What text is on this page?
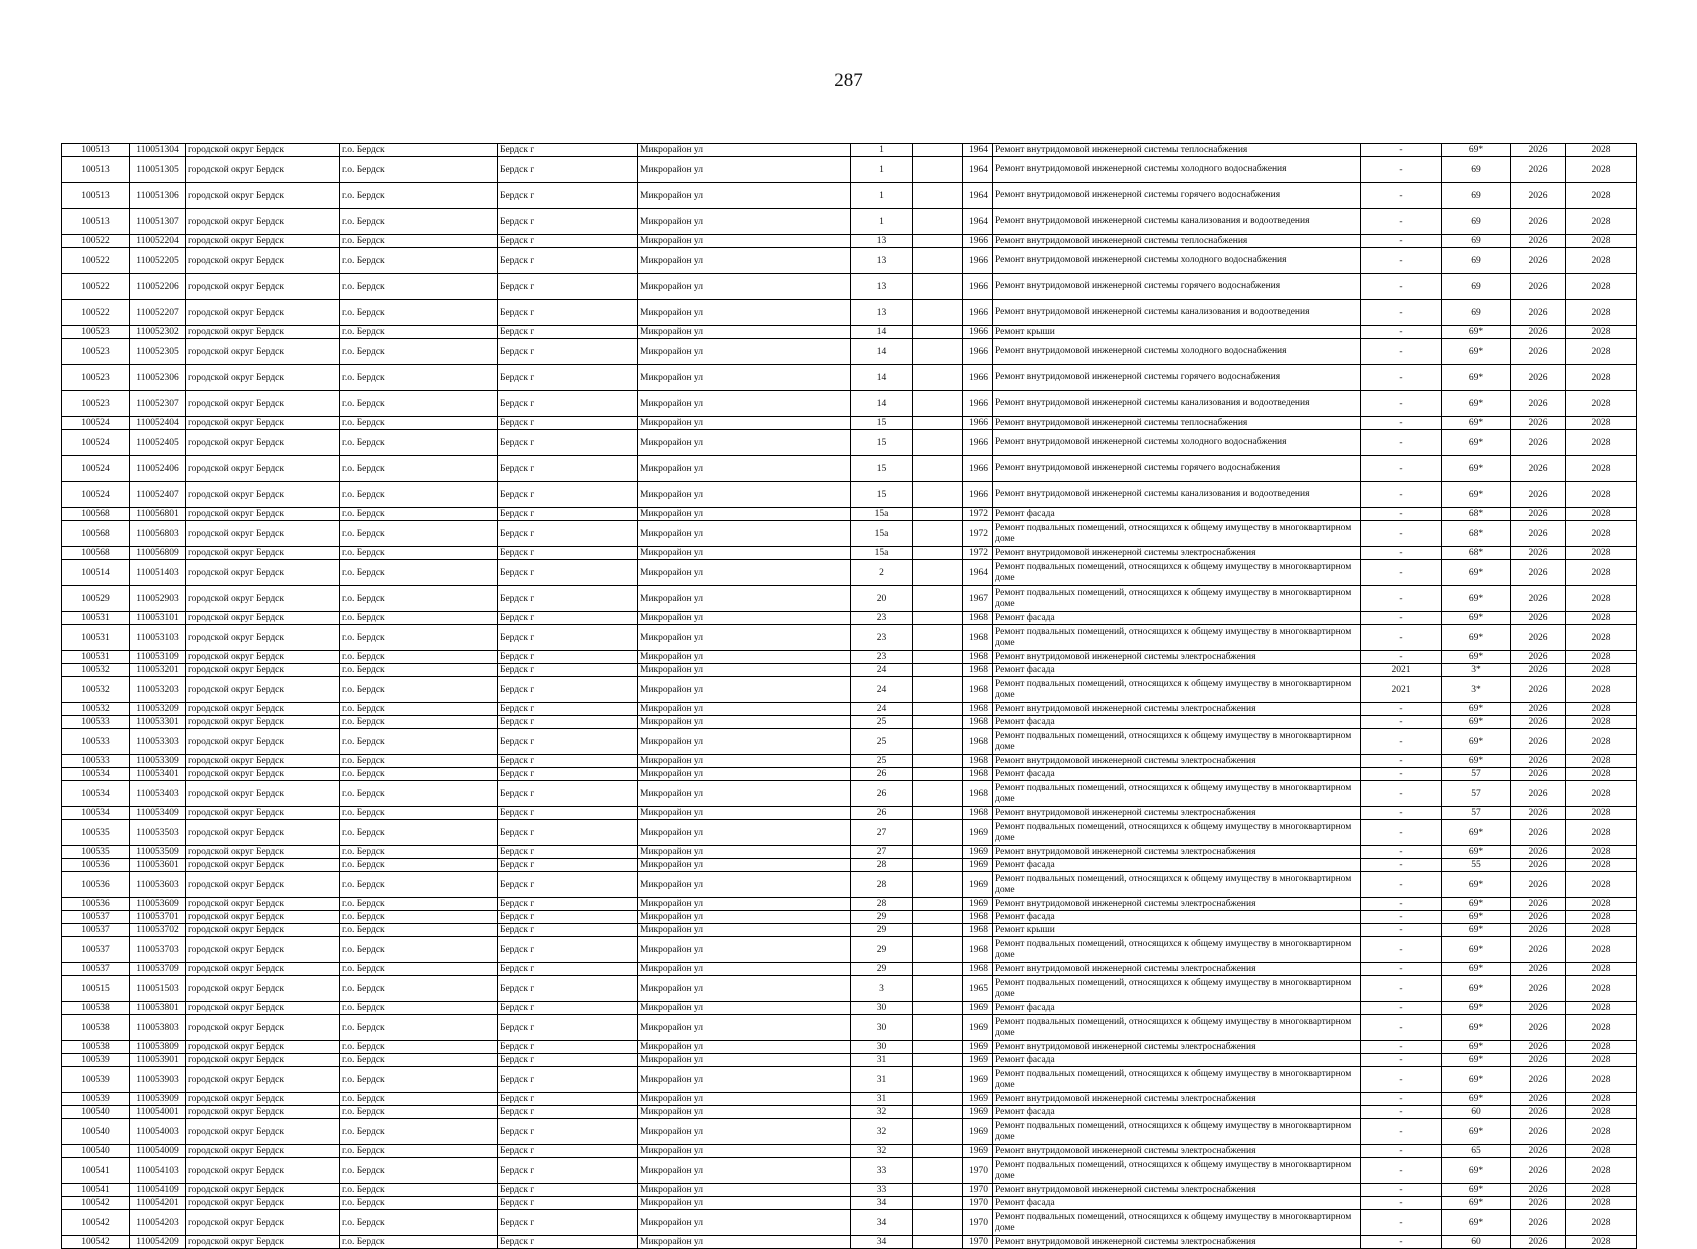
287
100513	110051304	городской округ Бердск	г.о. Бердск	Бердск г	Микрорайон ул	1		1964	Ремонт внутридомовой инженерной системы теплоснабжения	-	69*	2026	2028
100513	110051305	городской округ Бердск	г.о. Бердск	Бердск г	Микрорайон ул	1		1964	Ремонт внутридомовой инженерной системы холодного водоснабжения	-	69	2026	2028
100513	110051306	городской округ Бердск	г.о. Бердск	Бердск г	Микрорайон ул	1		1964	Ремонт внутридомовой инженерной системы горячего водоснабжения	-	69	2026	2028
100513	110051307	городской округ Бердск	г.о. Бердск	Бердск г	Микрорайон ул	1		1964	Ремонт внутридомовой инженерной системы канализования и водоотведения	-	69	2026	2028
100522	110052204	городской округ Бердск	г.о. Бердск	Бердск г	Микрорайон ул	13		1966	Ремонт внутридомовой инженерной системы теплоснабжения	-	69	2026	2028
100522	110052205	городской округ Бердск	г.о. Бердск	Бердск г	Микрорайон ул	13		1966	Ремонт внутридомовой инженерной системы холодного водоснабжения	-	69	2026	2028
100522	110052206	городской округ Бердск	г.о. Бердск	Бердск г	Микрорайон ул	13		1966	Ремонт внутридомовой инженерной системы горячего водоснабжения	-	69	2026	2028
100522	110052207	городской округ Бердск	г.о. Бердск	Бердск г	Микрорайон ул	13		1966	Ремонт внутридомовой инженерной системы канализования и водоотведения	-	69	2026	2028
100523	110052302	городской округ Бердск	г.о. Бердск	Бердск г	Микрорайон ул	14		1966	Ремонт крыши	-	69*	2026	2028
100523	110052305	городской округ Бердск	г.о. Бердск	Бердск г	Микрорайон ул	14		1966	Ремонт внутридомовой инженерной системы холодного водоснабжения	-	69*	2026	2028
100523	110052306	городской округ Бердск	г.о. Бердск	Бердск г	Микрорайон ул	14		1966	Ремонт внутридомовой инженерной системы горячего водоснабжения	-	69*	2026	2028
100523	110052307	городской округ Бердск	г.о. Бердск	Бердск г	Микрорайон ул	14		1966	Ремонт внутридомовой инженерной системы канализования и водоотведения	-	69*	2026	2028
100524	110052404	городской округ Бердск	г.о. Бердск	Бердск г	Микрорайон ул	15		1966	Ремонт внутридомовой инженерной системы теплоснабжения	-	69*	2026	2028
100524	110052405	городской округ Бердск	г.о. Бердск	Бердск г	Микрорайон ул	15		1966	Ремонт внутридомовой инженерной системы холодного водоснабжения	-	69*	2026	2028
100524	110052406	городской округ Бердск	г.о. Бердск	Бердск г	Микрорайон ул	15		1966	Ремонт внутридомовой инженерной системы горячего водоснабжения	-	69*	2026	2028
100524	110052407	городской округ Бердск	г.о. Бердск	Бердск г	Микрорайон ул	15		1966	Ремонт внутридомовой инженерной системы канализования и водоотведения	-	69*	2026	2028
100568	110056801	городской округ Бердск	г.о. Бердск	Бердск г	Микрорайон ул	15а		1972	Ремонт фасада	-	68*	2026	2028
100568	110056803	городской округ Бердск	г.о. Бердск	Бердск г	Микрорайон ул	15а		1972	Ремонт подвальных помещений, относящихся к общему имуществу в многоквартирном доме	-	68*	2026	2028
100568	110056809	городской округ Бердск	г.о. Бердск	Бердск г	Микрорайон ул	15а		1972	Ремонт внутридомовой инженерной системы электроснабжения	-	68*	2026	2028
100514	110051403	городской округ Бердск	г.о. Бердск	Бердск г	Микрорайон ул	2		1964	Ремонт подвальных помещений, относящихся к общему имуществу в многоквартирном доме	-	69*	2026	2028
100529	110052903	городской округ Бердск	г.о. Бердск	Бердск г	Микрорайон ул	20		1967	Ремонт подвальных помещений, относящихся к общему имуществу в многоквартирном доме	-	69*	2026	2028
100531	110053101	городской округ Бердск	г.о. Бердск	Бердск г	Микрорайон ул	23		1968	Ремонт фасада	-	69*	2026	2028
100531	110053103	городской округ Бердск	г.о. Бердск	Бердск г	Микрорайон ул	23		1968	Ремонт подвальных помещений, относящихся к общему имуществу в многоквартирном доме	-	69*	2026	2028
100531	110053109	городской округ Бердск	г.о. Бердск	Бердск г	Микрорайон ул	23		1968	Ремонт внутридомовой инженерной системы электроснабжения	-	69*	2026	2028
100532	110053201	городской округ Бердск	г.о. Бердск	Бердск г	Микрорайон ул	24		1968	Ремонт фасада	2021	3*	2026	2028
100532	110053203	городской округ Бердск	г.о. Бердск	Бердск г	Микрорайон ул	24		1968	Ремонт подвальных помещений, относящихся к общему имуществу в многоквартирном доме	2021	3*	2026	2028
100532	110053209	городской округ Бердск	г.о. Бердск	Бердск г	Микрорайон ул	24		1968	Ремонт внутридомовой инженерной системы электроснабжения	-	69*	2026	2028
100533	110053301	городской округ Бердск	г.о. Бердск	Бердск г	Микрорайон ул	25		1968	Ремонт фасада	-	69*	2026	2028
100533	110053303	городской округ Бердск	г.о. Бердск	Бердск г	Микрорайон ул	25		1968	Ремонт подвальных помещений, относящихся к общему имуществу в многоквартирном доме	-	69*	2026	2028
100533	110053309	городской округ Бердск	г.о. Бердск	Бердск г	Микрорайон ул	25		1968	Ремонт внутридомовой инженерной системы электроснабжения	-	69*	2026	2028
100534	110053401	городской округ Бердск	г.о. Бердск	Бердск г	Микрорайон ул	26		1968	Ремонт фасада	-	57	2026	2028
100534	110053403	городской округ Бердск	г.о. Бердск	Бердск г	Микрорайон ул	26		1968	Ремонт подвальных помещений, относящихся к общему имуществу в многоквартирном доме	-	57	2026	2028
100534	110053409	городской округ Бердск	г.о. Бердск	Бердск г	Микрорайон ул	26		1968	Ремонт внутридомовой инженерной системы электроснабжения	-	57	2026	2028
100535	110053503	городской округ Бердск	г.о. Бердск	Бердск г	Микрорайон ул	27		1969	Ремонт подвальных помещений, относящихся к общему имуществу в многоквартирном доме	-	69*	2026	2028
100535	110053509	городской округ Бердск	г.о. Бердск	Бердск г	Микрорайон ул	27		1969	Ремонт внутридомовой инженерной системы электроснабжения	-	69*	2026	2028
100536	110053601	городской округ Бердск	г.о. Бердск	Бердск г	Микрорайон ул	28		1969	Ремонт фасада	-	55	2026	2028
100536	110053603	городской округ Бердск	г.о. Бердск	Бердск г	Микрорайон ул	28		1969	Ремонт подвальных помещений, относящихся к общему имуществу в многоквартирном доме	-	69*	2026	2028
100536	110053609	городской округ Бердск	г.о. Бердск	Бердск г	Микрорайон ул	28		1969	Ремонт внутридомовой инженерной системы электроснабжения	-	69*	2026	2028
100537	110053701	городской округ Бердск	г.о. Бердск	Бердск г	Микрорайон ул	29		1968	Ремонт фасада	-	69*	2026	2028
100537	110053702	городской округ Бердск	г.о. Бердск	Бердск г	Микрорайон ул	29		1968	Ремонт крыши	-	69*	2026	2028
100537	110053703	городской округ Бердск	г.о. Бердск	Бердск г	Микрорайон ул	29		1968	Ремонт подвальных помещений, относящихся к общему имуществу в многоквартирном доме	-	69*	2026	2028
100537	110053709	городской округ Бердск	г.о. Бердск	Бердск г	Микрорайон ул	29		1968	Ремонт внутридомовой инженерной системы электроснабжения	-	69*	2026	2028
100515	110051503	городской округ Бердск	г.о. Бердск	Бердск г	Микрорайон ул	3		1965	Ремонт подвальных помещений, относящихся к общему имуществу в многоквартирном доме	-	69*	2026	2028
100538	110053801	городской округ Бердск	г.о. Бердск	Бердск г	Микрорайон ул	30		1969	Ремонт фасада	-	69*	2026	2028
100538	110053803	городской округ Бердск	г.о. Бердск	Бердск г	Микрорайон ул	30		1969	Ремонт подвальных помещений, относящихся к общему имуществу в многоквартирном доме	-	69*	2026	2028
100538	110053809	городской округ Бердск	г.о. Бердск	Бердск г	Микрорайон ул	30		1969	Ремонт внутридомовой инженерной системы электроснабжения	-	69*	2026	2028
100539	110053901	городской округ Бердск	г.о. Бердск	Бердск г	Микрорайон ул	31		1969	Ремонт фасада	-	69*	2026	2028
100539	110053903	городской округ Бердск	г.о. Бердск	Бердск г	Микрорайон ул	31		1969	Ремонт подвальных помещений, относящихся к общему имуществу в многоквартирном доме	-	69*	2026	2028
100539	110053909	городской округ Бердск	г.о. Бердск	Бердск г	Микрорайон ул	31		1969	Ремонт внутридомовой инженерной системы электроснабжения	-	69*	2026	2028
100540	110054001	городской округ Бердск	г.о. Бердск	Бердск г	Микрорайон ул	32		1969	Ремонт фасада	-	60	2026	2028
100540	110054003	городской округ Бердск	г.о. Бердск	Бердск г	Микрорайон ул	32		1969	Ремонт подвальных помещений, относящихся к общему имуществу в многоквартирном доме	-	69*	2026	2028
100540	110054009	городской округ Бердск	г.о. Бердск	Бердск г	Микрорайон ул	32		1969	Ремонт внутридомовой инженерной системы электроснабжения	-	65	2026	2028
100541	110054103	городской округ Бердск	г.о. Бердск	Бердск г	Микрорайон ул	33		1970	Ремонт подвальных помещений, относящихся к общему имуществу в многоквартирном доме	-	69*	2026	2028
100541	110054109	городской округ Бердск	г.о. Бердск	Бердск г	Микрорайон ул	33		1970	Ремонт внутридомовой инженерной системы электроснабжения	-	69*	2026	2028
100542	110054201	городской округ Бердск	г.о. Бердск	Бердск г	Микрорайон ул	34		1970	Ремонт фасада	-	69*	2026	2028
100542	110054203	городской округ Бердск	г.о. Бердск	Бердск г	Микрорайон ул	34		1970	Ремонт подвальных помещений, относящихся к общему имуществу в многоквартирном доме	-	69*	2026	2028
100542	110054209	городской округ Бердск	г.о. Бердск	Бердск г	Микрорайон ул	34		1970	Ремонт внутридомовой инженерной системы электроснабжения	-	60	2026	2028
